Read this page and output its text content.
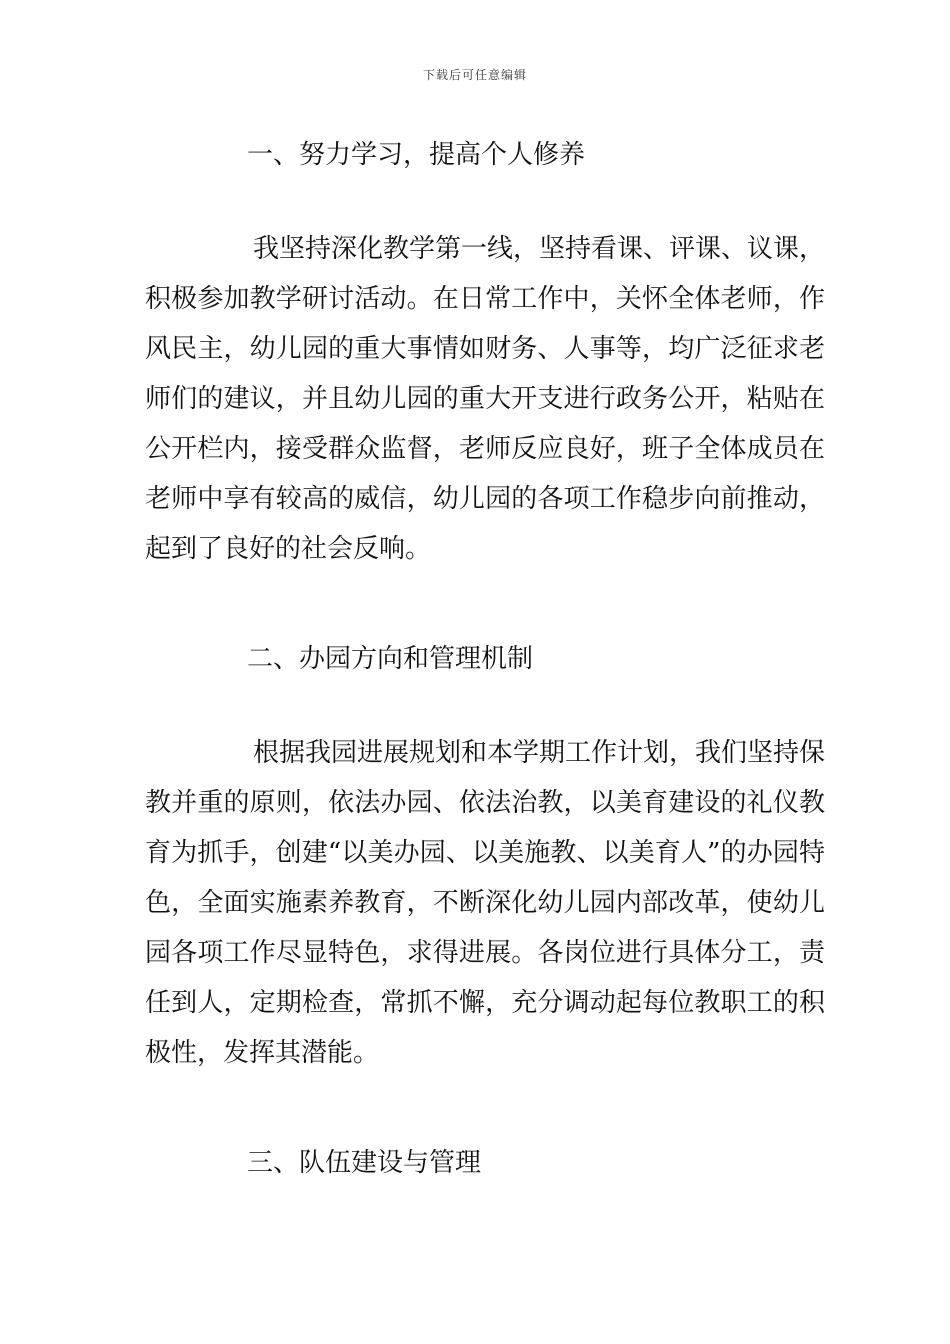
下载后可任意编辑
一、努力学习，提高个人修养

我坚持深化教学第一线，坚持看课、评课、议课，积极参加教学研讨活动。在日常工作中，关怀全体老师，作风民主，幼儿园的重大事情如财务、人事等，均广泛征求老师们的建议，并且幼儿园的重大开支进行政务公开，粘贴在公开栏内，接受群众监督，老师反应良好，班子全体成员在老师中享有较高的威信，幼儿园的各项工作稳步向前推动，起到了良好的社会反响。

二、办园方向和管理机制

根据我园进展规划和本学期工作计划，我们坚持保教并重的原则，依法办园、依法治教，以美育建设的礼仪教育为抓手，创建“以美办园、以美施教、以美育人”的办园特色，全面实施素养教育，不断深化幼儿园内部改革，使幼儿园各项工作尽显特色，求得进展。各岗位进行具体分工，责任到人，定期检查，常抓不懈，充分调动起每位教职工的积极性，发挥其潜能。

三、队伍建设与管理
